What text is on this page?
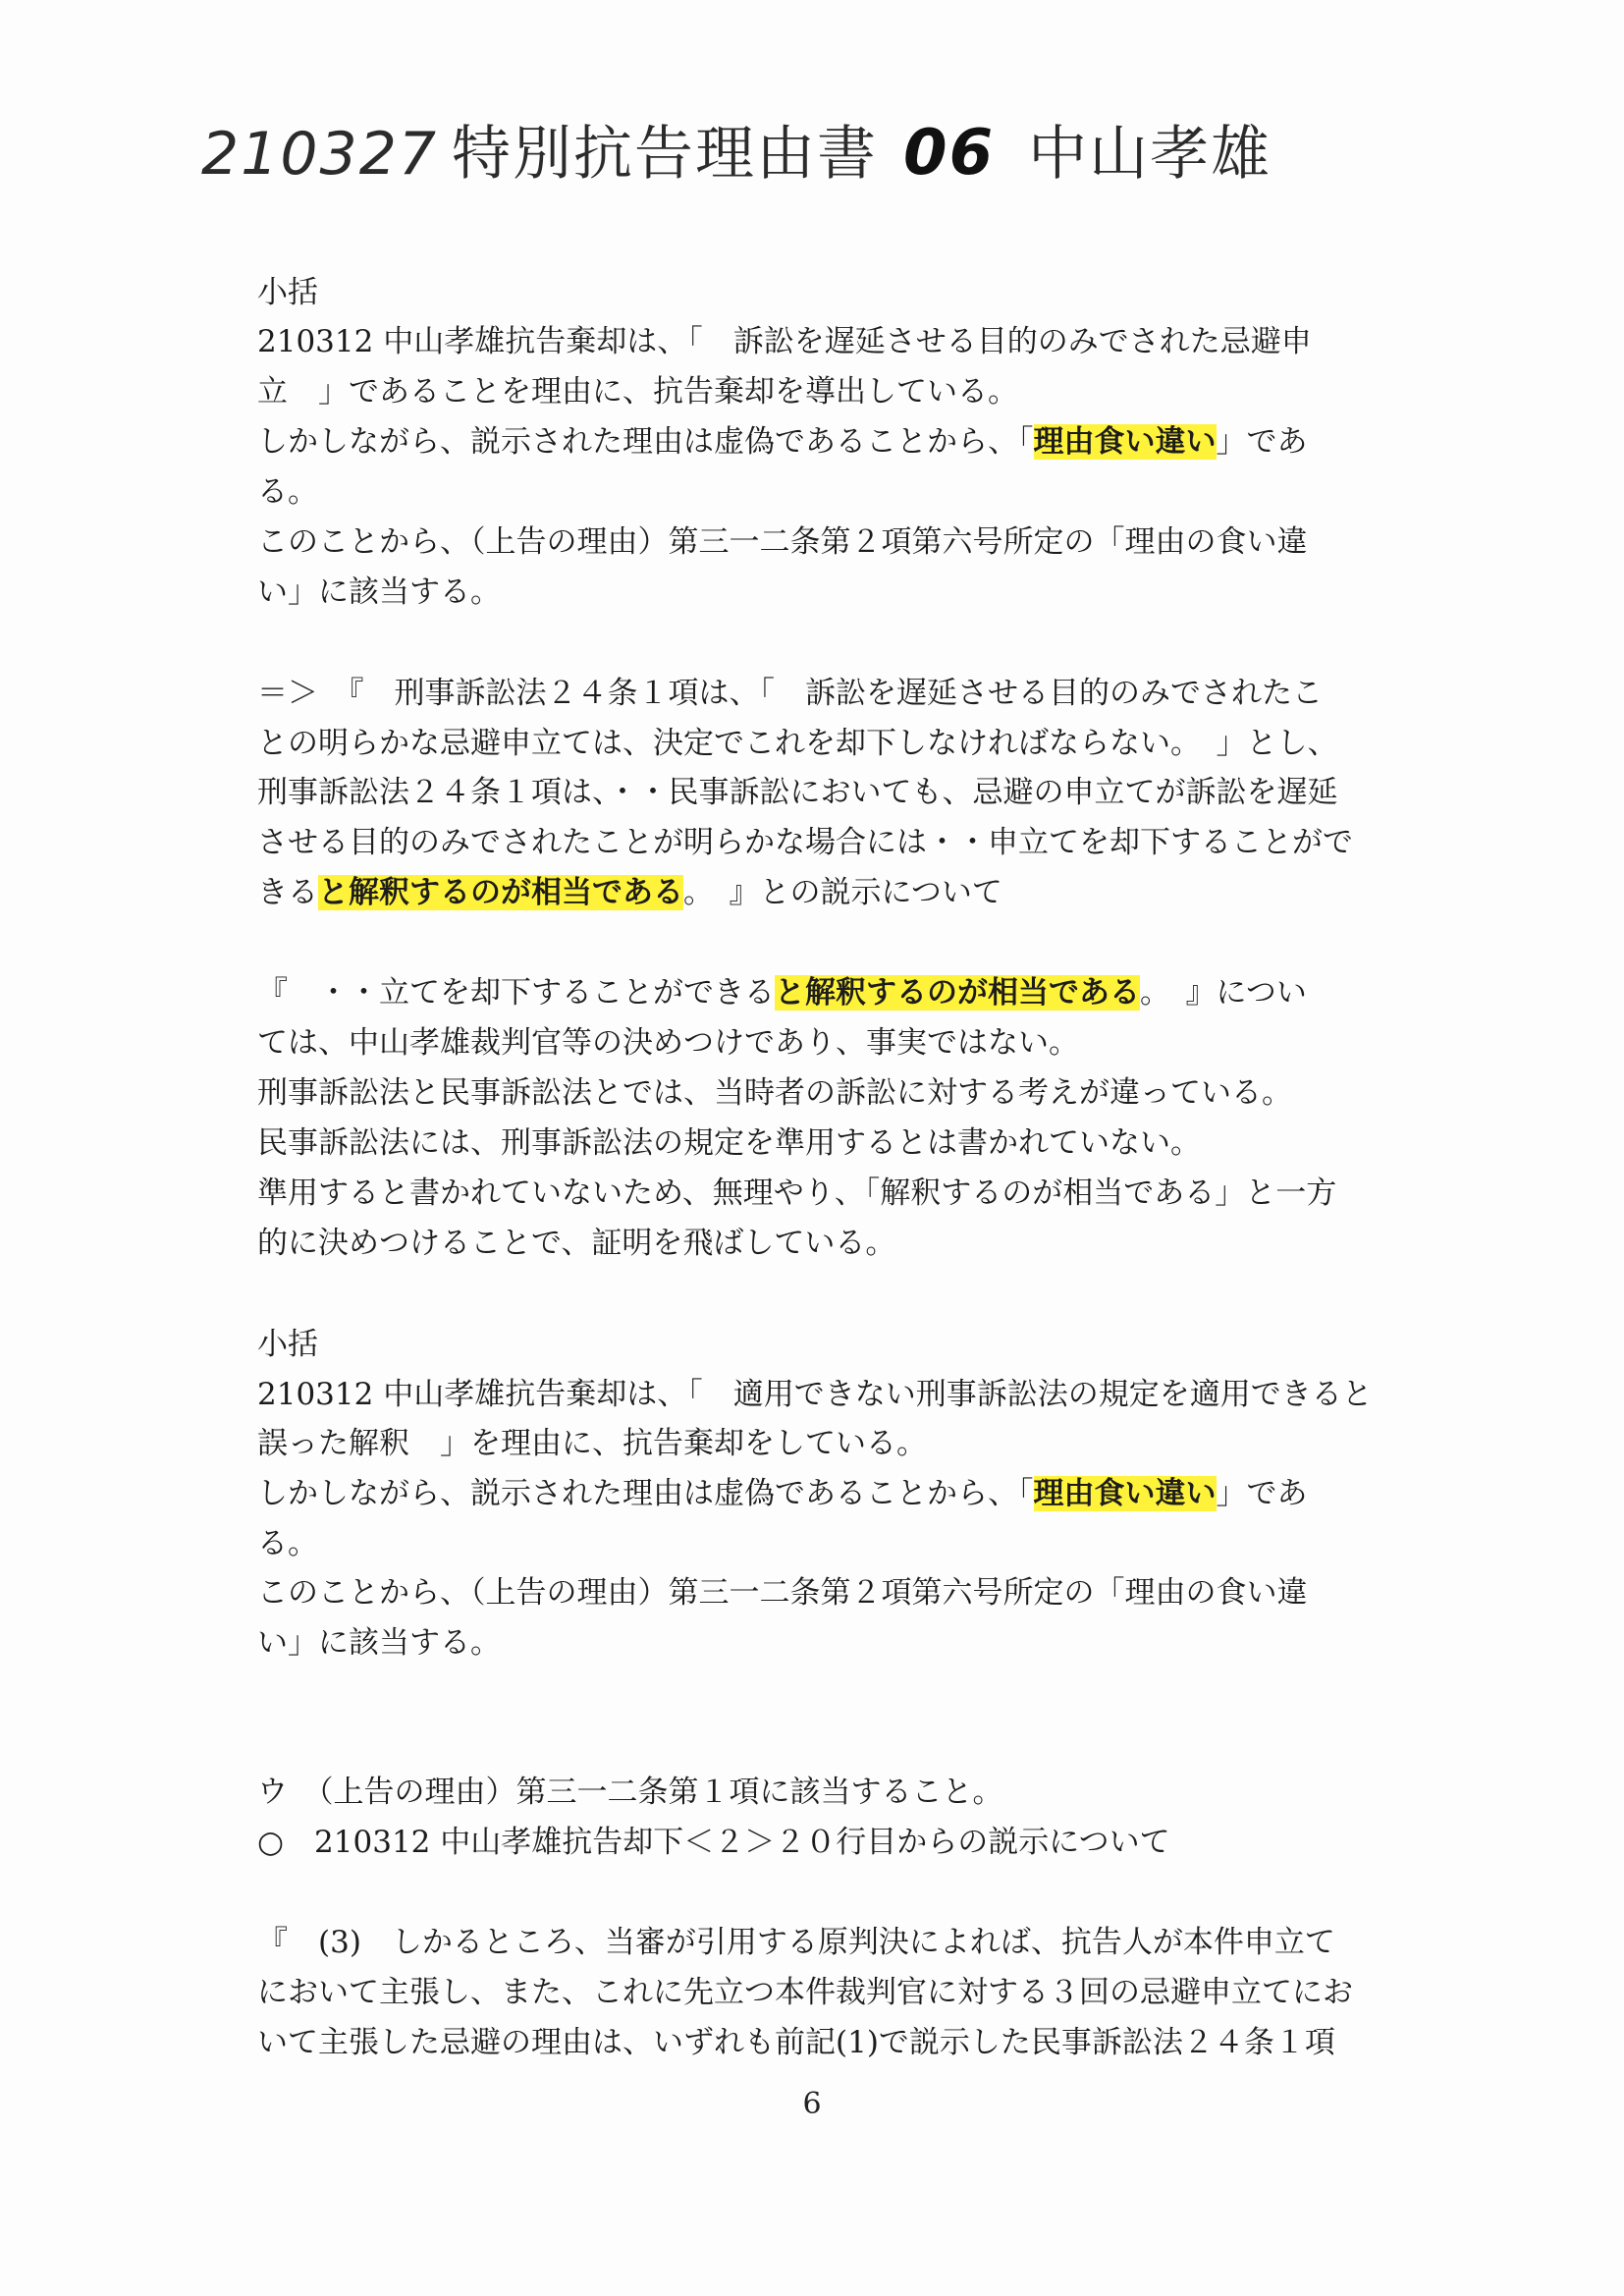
210327 特別抗告理由書 06 中山孝雄
小括
210312 中山孝雄抗告棄却は、「　訴訟を遅延させる目的のみでされた忌避申
立　」であることを理由に、抗告棄却を導出している。
しかしながら、説示された理由は虚偽であることから、「理由食い違い」であ
る。
このことから、（上告の理由）第三一二条第２項第六号所定の「理由の食い違
い」に該当する。
＝＞　『　刑事訴訟法２４条１項は、「　訴訟を遅延させる目的のみでされたこ
との明らかな忌避申立ては、決定でこれを却下しなければならない。　」とし、
刑事訴訟法２４条１項は、・・民事訴訟においても、忌避の申立てが訴訟を遅延
させる目的のみでされたことが明らかな場合には・・申立てを却下することがで
きると解釈するのが相当である。　』との説示について
『　・・立てを却下することができると解釈するのが相当である。　』につい
ては、中山孝雄裁判官等の決めつけであり、事実ではない。
刑事訴訟法と民事訴訟法とでは、当時者の訴訟に対する考えが違っている。
民事訴訟法には、刑事訴訟法の規定を準用するとは書かれていない。
準用すると書かれていないため、無理やり、「解釈するのが相当である」と一方
的に決めつけることで、証明を飛ばしている。
小括
210312 中山孝雄抗告棄却は、「　適用できない刑事訴訟法の規定を適用できると
誤った解釈　」を理由に、抗告棄却をしている。
しかしながら、説示された理由は虚偽であることから、「理由食い違い」であ
る。
このことから、（上告の理由）第三一二条第２項第六号所定の「理由の食い違
い」に該当する。
ウ　（上告の理由）第三一二条第１項に該当すること。
○　210312 中山孝雄抗告却下＜２＞２０行目からの説示について
『　(3)　しかるところ、当審が引用する原判決によれば、抗告人が本件申立て
において主張し、また、これに先立つ本件裁判官に対する３回の忌避申立てにお
いて主張した忌避の理由は、いずれも前記(1)で説示した民事訴訟法２４条１項
6
